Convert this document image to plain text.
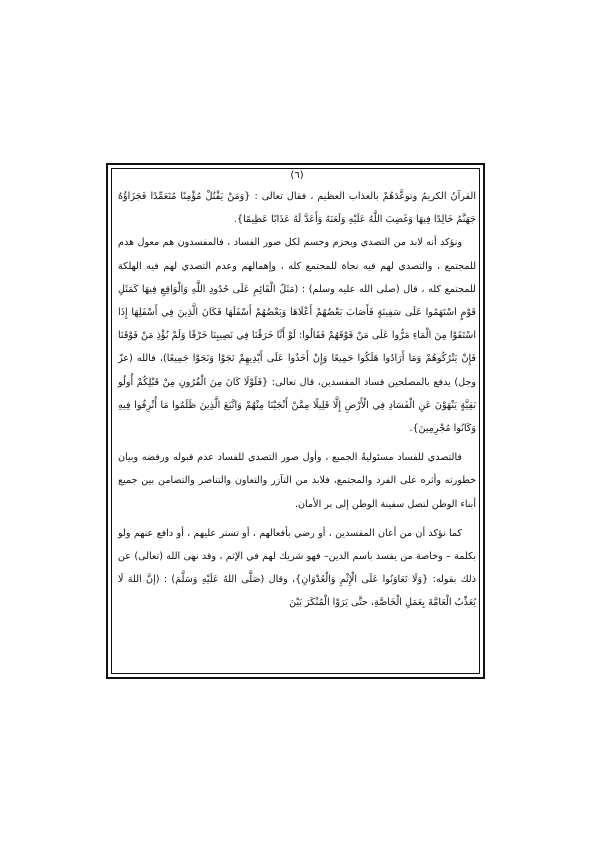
(٦)

القرآنُ الكريمُ وتوعَّدَهُمْ بالعذاب العظيم ، فقال تعالى : {وَمَنْ يَقْتُلْ مُؤْمِنًا مُتَعَمِّدًا فَجَزَاؤُهُ جَهَنَّمُ خَالِدًا فِيهَا وَغَضِبَ اللَّهُ عَلَيْهِ وَلَعَنَهُ وَأَعَدَّ لَهُ عَذَابًا عَظِيمًا}.

ونؤكد أنه لابد من التصدي وبحزم وحسم لكل صور الفساد ، فالمفسدون هم معول هدم للمجتمع ، والتصدي لهم فيه نجاة للمجتمع كله ، وإهمالهم وعدم التصدي لهم فيه الهلكة للمجتمع كله ، قال (صلى الله عليه وسلم) : (مَثَلُ الْقَائِمِ عَلَى حُدُودِ اللَّهِ وَالْوَاقِعِ فِيهَا كَمَثَلِ قَوْمٍ اسْتَهَمُوا عَلَى سَفِينَةٍ فَأَصَابَ بَعْضُهُمْ أَعْلَاهَا وَبَعْضُهُمْ أَسْفَلَهَا فَكَانَ الَّذِينَ فِي أَسْفَلِهَا إِذَا اسْتَقَوْا مِنَ الْمَاءِ مَرُّوا عَلَى مَنْ فَوْقَهُمْ فَقَالُوا: لَوْ أَنَّا خَرَقْنَا فِي نَصِيبِنَا خَرْقًا وَلَمْ نُؤْذِ مَنْ فَوْقَنَا فَإِنْ يَتْرُكُوهُمْ وَمَا أَرَادُوا هَلَكُوا جَمِيعًا وَإِنْ أَخَذُوا عَلَى أَيْدِيهِمْ نَجَوْا وَنَجَوْا جَمِيعًا)، فالله (عزّ وجل) يدفع بالمصلحين فساد المفسدين، قال تعالى: {فَلَوْلَا كَانَ مِنَ الْقُرُونِ مِنْ قَبْلِكُمْ أُولُو بَقِيَّةٍ يَنْهَوْنَ عَنِ الْفَسَادِ فِي الْأَرْضِ إِلَّا قَلِيلًا مِمَّنْ أَنْجَيْنَا مِنْهُمْ وَاتَّبَعَ الَّذِينَ ظَلَمُوا مَا أُتْرِفُوا فِيهِ وَكَانُوا مُجْرِمِينَ}.

فالتصدي للفساد مسئوليةُ الجميع ، وأول صور التصدي للفساد عدم قبوله ورفضه وبيان خطورته وأثره على الفرد والمجتمع، فلابد من التآزر والتعاون والتناصر والتضامن بين جميع أبناء الوطن لتصل سفينة الوطن إلى بر الأمان.

كما نؤكد أن من أعان المفسدين ، أو رضي بأفعالهم ، أو تستر عليهم ، أو دافع عنهم ولو بكلمة – وخاصة من يفسد باسم الدين– فهو شريك لهم في الإثم ، وقد نهى الله (تعالى) عن ذلك بقوله: {وَلَا تَعَاوَنُوا عَلَى الْإِثْمِ وَالْعُدْوَانِ}، وقال (صَلَّى اللهُ عَلَيْهِ وَسَلَّمَ) : (إنَّ اللهَ لَا يُعَذِّبُ الْعَامَّةَ بِعَمَلِ الْخَاصَّةِ، حتَّى يَرَوْا الْمُنْكَرَ بَيْنَ
